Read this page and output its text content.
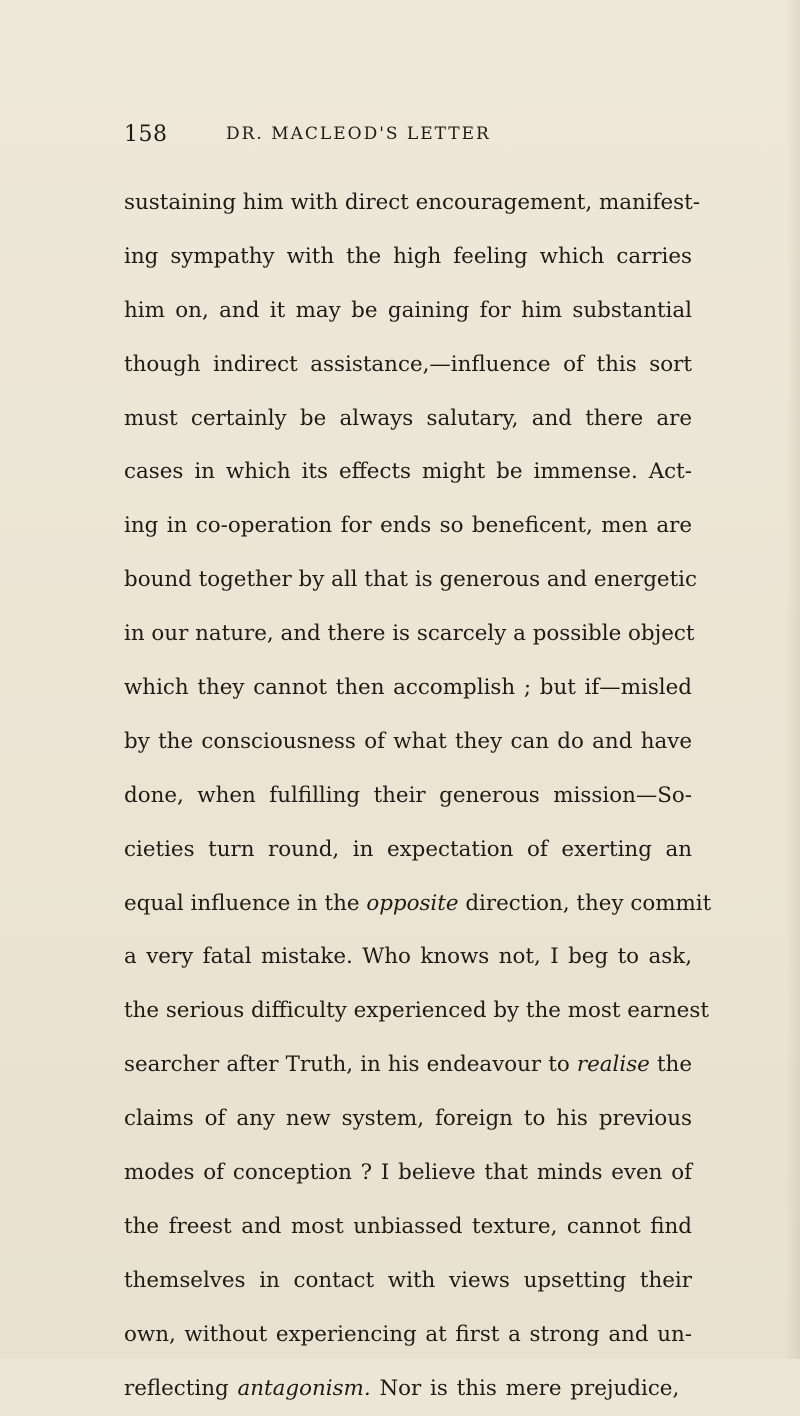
158	DR. MACLEOD'S LETTER
sustaining him with direct encouragement, manifest-
ing sympathy with the high feeling which carries
him on, and it may be gaining for him substantial
though indirect assistance,—influence of this sort
must certainly be always salutary, and there are
cases in which its effects might be immense. Act-
ing in co-operation for ends so beneficent, men are
bound together by all that is generous and energetic
in our nature, and there is scarcely a possible object
which they cannot then accomplish ; but if—misled
by the consciousness of what they can do and have
done, when fulfilling their generous mission—So-
cieties turn round, in expectation of exerting an
equal influence in the opposite direction, they commit
a very fatal mistake. Who knows not, I beg to ask,
the serious difficulty experienced by the most earnest
searcher after Truth, in his endeavour to realise the
claims of any new system, foreign to his previous
modes of conception ? I believe that minds even of
the freest and most unbiassed texture, cannot find
themselves in contact with views upsetting their
own, without experiencing at first a strong and un-
reflecting antagonism. Nor is this mere prejudice,
